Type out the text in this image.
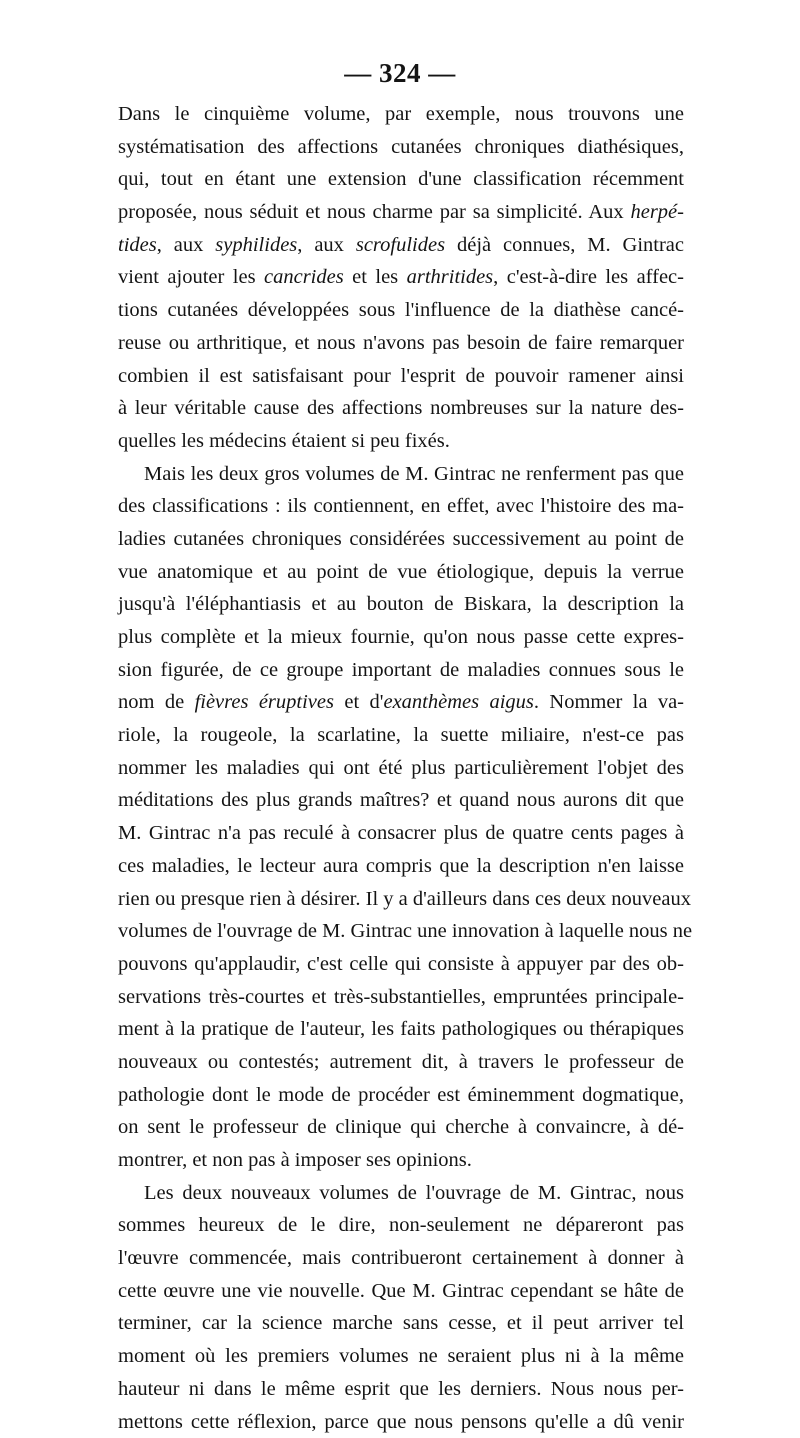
— 324 —
Dans le cinquième volume, par exemple, nous trouvons une
systématisation des affections cutanées chroniques diathésiques,
qui, tout en étant une extension d'une classification récemment
proposée, nous séduit et nous charme par sa simplicité. Aux herpé-
tides, aux syphilides, aux scrofulides déjà connues, M. Gintrac
vient ajouter les cancrides et les arthritides, c'est-à-dire les affec-
tions cutanées développées sous l'influence de la diathèse cancé-
reuse ou arthritique, et nous n'avons pas besoin de faire remarquer
combien il est satisfaisant pour l'esprit de pouvoir ramener ainsi
à leur véritable cause des affections nombreuses sur la nature des-
quelles les médecins étaient si peu fixés.
Mais les deux gros volumes de M. Gintrac ne renferment pas que
des classifications : ils contiennent, en effet, avec l'histoire des ma-
ladies cutanées chroniques considérées successivement au point de
vue anatomique et au point de vue étiologique, depuis la verrue
jusqu'à l'éléphantiasis et au bouton de Biskara, la description la
plus complète et la mieux fournie, qu'on nous passe cette expres-
sion figurée, de ce groupe important de maladies connues sous le
nom de fièvres éruptives et d'exanthèmes aigus. Nommer la va-
riole, la rougeole, la scarlatine, la suette miliaire, n'est-ce pas
nommer les maladies qui ont été plus particulièrement l'objet des
méditations des plus grands maîtres? et quand nous aurons dit que
M. Gintrac n'a pas reculé à consacrer plus de quatre cents pages à
ces maladies, le lecteur aura compris que la description n'en laisse
rien ou presque rien à désirer. Il y a d'ailleurs dans ces deux nouveaux
volumes de l'ouvrage de M. Gintrac une innovation à laquelle nous ne
pouvons qu'applaudir, c'est celle qui consiste à appuyer par des ob-
servations très-courtes et très-substantielles, empruntées principale-
ment à la pratique de l'auteur, les faits pathologiques ou thérapiques
nouveaux ou contestés; autrement dit, à travers le professeur de
pathologie dont le mode de procéder est éminemment dogmatique,
on sent le professeur de clinique qui cherche à convaincre, à dé-
montrer, et non pas à imposer ses opinions.
Les deux nouveaux volumes de l'ouvrage de M. Gintrac, nous
sommes heureux de le dire, non-seulement ne dépareront pas
l'œuvre commencée, mais contribueront certainement à donner à
cette œuvre une vie nouvelle. Que M. Gintrac cependant se hâte de
terminer, car la science marche sans cesse, et il peut arriver tel
moment où les premiers volumes ne seraient plus ni à la même
hauteur ni dans le même esprit que les derniers. Nous nous per-
mettons cette réflexion, parce que nous pensons qu'elle a dû venir
